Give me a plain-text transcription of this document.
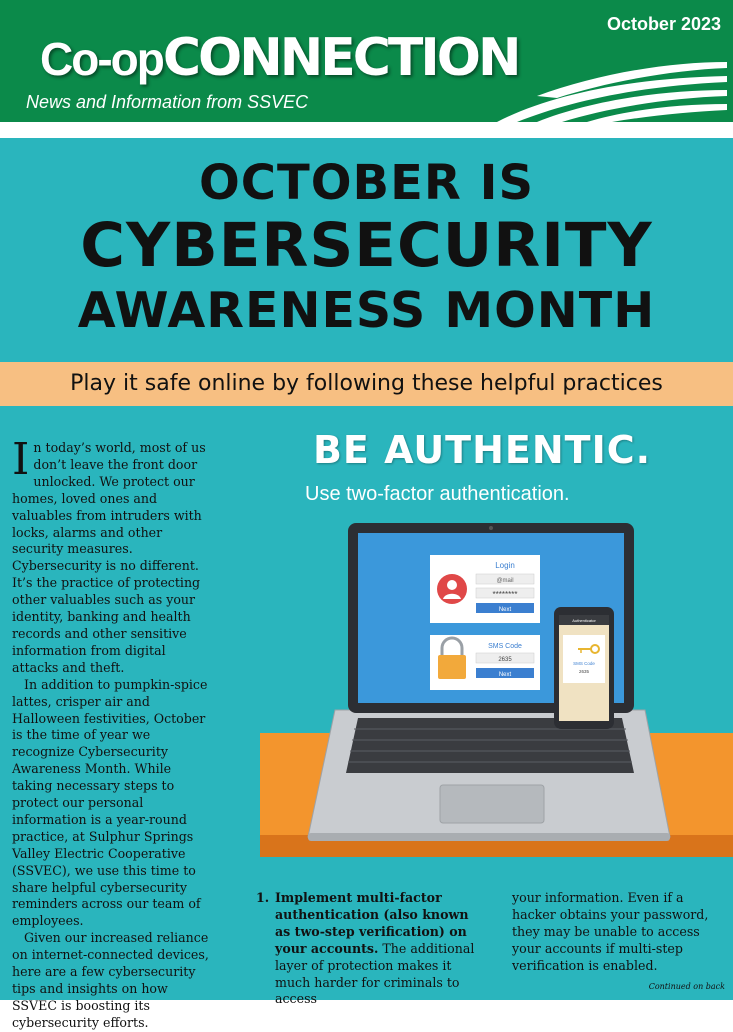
October 2023
Co-opCONNECTION
News and Information from SSVEC
OCTOBER IS
CYBERSECURITY
AWARENESS MONTH
Play it safe online by following these helpful practices

In today’s world, most of us don’t leave the front door unlocked. We protect our homes, loved ones and valuables from intruders with locks, alarms and other security measures. Cybersecurity is no different. It’s the practice of protecting other valuables such as your identity, banking and health records and other sensitive information from digital attacks and theft.

In addition to pumpkin-spice lattes, crisper air and Halloween festivities, October is the time of year we recognize Cybersecurity Awareness Month. While taking necessary steps to protect our personal information is a year-round practice, at Sulphur Springs Valley Electric Cooperative (SSVEC), we use this time to share helpful cybersecurity reminders across our team of employees.

Given our increased reliance on internet-connected devices, here are a few cybersecurity tips and insights on how SSVEC is boosting its cybersecurity efforts.

BE AUTHENTIC.
Use two-factor authentication.
Login
@mail
********
Next
SMS Code
2635
Next
Authenticator
SMS Code
2635
1. Implement multi-factor authentication (also known as two-step verification) on your accounts. The additional layer of protection makes it much harder for criminals to access
your information. Even if a hacker obtains your password, they may be unable to access your accounts if multi-step verification is enabled.
Continued on back
